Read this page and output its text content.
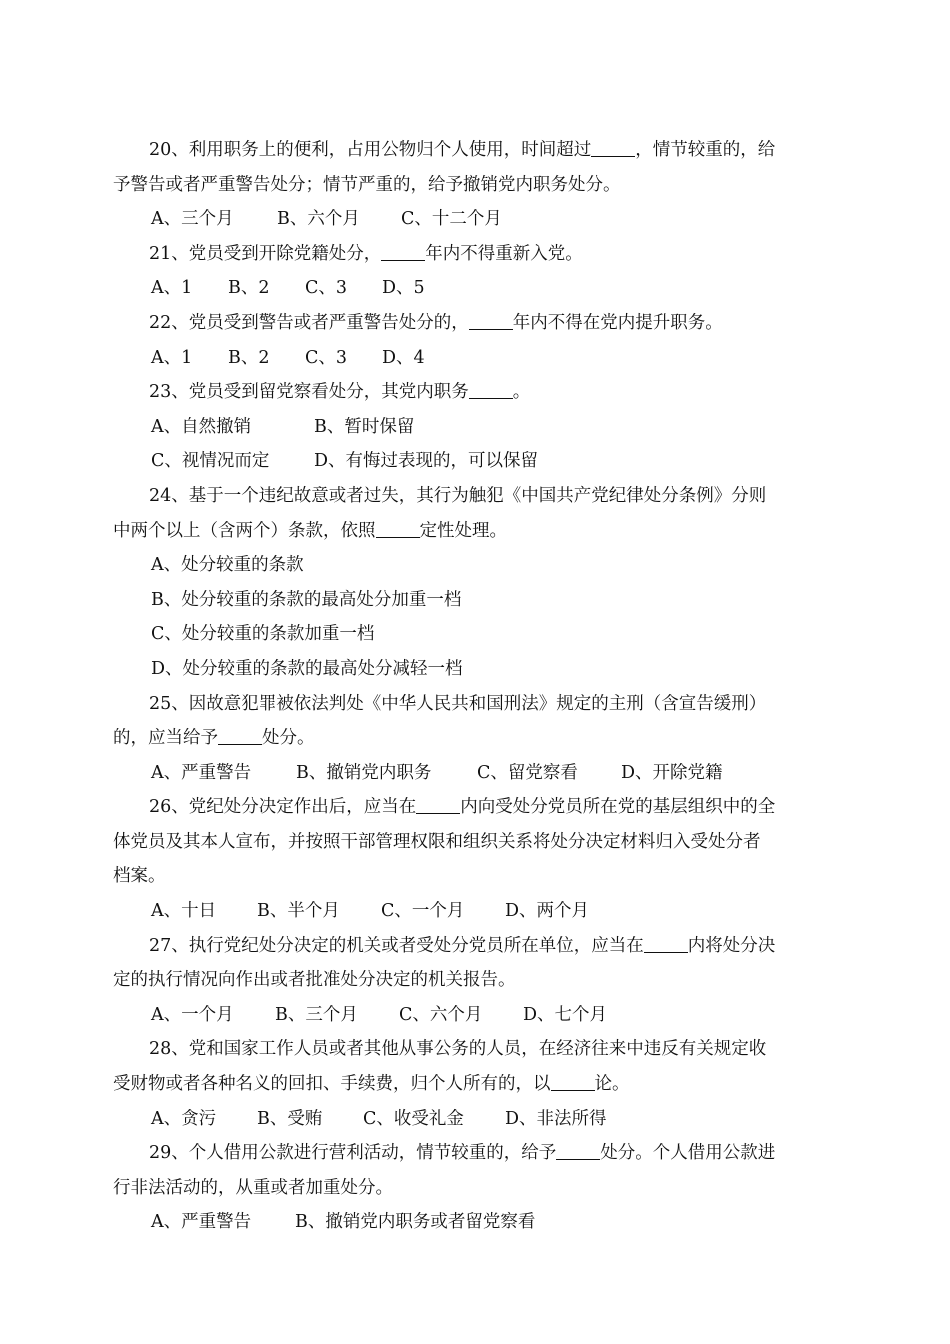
20、利用职务上的便利，占用公物归个人使用，时间超过	，情节较重的，给
予警告或者严重警告处分；情节严重的，给予撤销党内职务处分。
A、三个月 B、六个月 C、十二个月
21、党员受到开除党籍处分，	年内不得重新入党。
A、1 B、2 C、3 D、5
22、党员受到警告或者严重警告处分的，	年内不得在党内提升职务。
A、1 B、2 C、3 D、4
23、党员受到留党察看处分，其党内职务	。
A、自然撤销	B、暂时保留
C、视情况而定	D、有悔过表现的，可以保留
24、基于一个违纪故意或者过失，其行为触犯《中国共产党纪律处分条例》分则
中两个以上（含两个）条款，依照	定性处理。
A、处分较重的条款
B、处分较重的条款的最高处分加重一档
C、处分较重的条款加重一档
D、处分较重的条款的最高处分减轻一档
25、因故意犯罪被依法判处《中华人民共和国刑法》规定的主刑（含宣告缓刑）
的，应当给予	处分。
A、严重警告	B、撤销党内职务	C、留党察看 D、开除党籍
26、党纪处分决定作出后，应当在	内向受处分党员所在党的基层组织中的全
体党员及其本人宣布，并按照干部管理权限和组织关系将处分决定材料归入受处分者
档案。
A、十日 B、半个月 C、一个月 D、两个月
27、执行党纪处分决定的机关或者受处分党员所在单位，应当在	内将处分决
定的执行情况向作出或者批准处分决定的机关报告。
A、一个月 B、三个月 C、六个月 D、七个月
28、党和国家工作人员或者其他从事公务的人员，在经济往来中违反有关规定收
受财物或者各种名义的回扣、手续费，归个人所有的，以	论。
A、贪污 B、受贿 C、收受礼金 D、非法所得
29、个人借用公款进行营利活动，情节较重的，给予	处分。个人借用公款进
行非法活动的，从重或者加重处分。
A、严重警告	B、撤销党内职务或者留党察看
